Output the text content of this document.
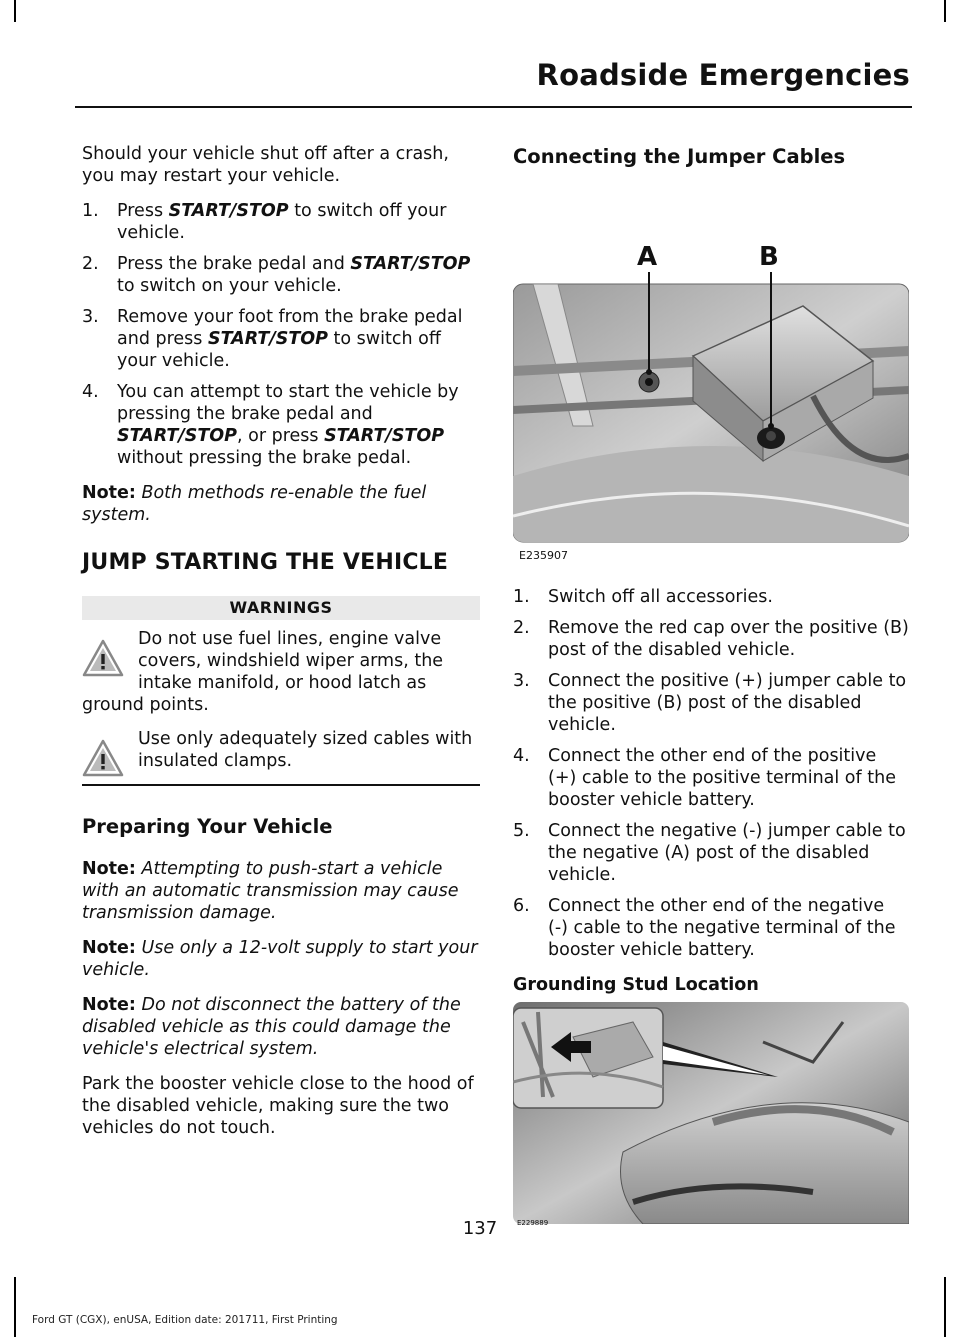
Roadside Emergencies

Should your vehicle shut off after a crash, you may restart your vehicle.

1. Press START/STOP to switch off your vehicle.
2. Press the brake pedal and START/STOP to switch on your vehicle.
3. Remove your foot from the brake pedal and press START/STOP to switch off your vehicle.
4. You can attempt to start the vehicle by pressing the brake pedal and START/STOP, or press START/STOP without pressing the brake pedal.

Note: Both methods re-enable the fuel system.

JUMP STARTING THE VEHICLE
WARNINGS
Do not use fuel lines, engine valve covers, windshield wiper arms, the intake manifold, or hood latch as ground points.
Use only adequately sized cables with insulated clamps.
Preparing Your Vehicle

Note: Attempting to push-start a vehicle with an automatic transmission may cause transmission damage.

Note: Use only a 12-volt supply to start your vehicle.

Note: Do not disconnect the battery of the disabled vehicle as this could damage the vehicle's electrical system.

Park the booster vehicle close to the hood of the disabled vehicle, making sure the two vehicles do not touch.

Connecting the Jumper Cables
A	B
E235907
1. Switch off all accessories.
2. Remove the red cap over the positive (B) post of the disabled vehicle.
3. Connect the positive (+) jumper cable to the positive (B) post of the disabled vehicle.
4. Connect the other end of the positive (+) cable to the positive terminal of the booster vehicle battery.
5. Connect the negative (-) jumper cable to the negative (A) post of the disabled vehicle.
6. Connect the other end of the negative (-) cable to the negative terminal of the booster vehicle battery.
Grounding Stud Location
E229889
137
Ford GT (CGX), enUSA, Edition date: 201711, First Printing
